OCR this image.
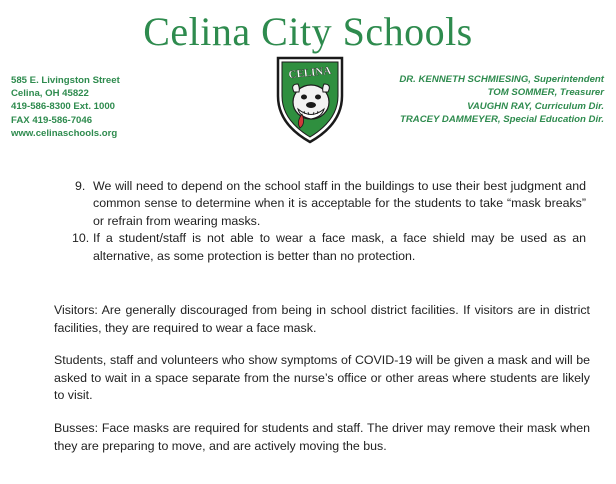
Celina City Schools
585 E. Livingston Street
Celina, OH 45822
419-586-8300 Ext. 1000
FAX 419-586-7046
www.celinaschools.org
CELINA	DR. KENNETH SCHMIESING, Superintendent
TOM SOMMER, Treasurer
VAUGHN RAY, Curriculum Dir.
TRACEY DAMMEYER, Special Education Dir.
9. We will need to depend on the school staff in the buildings to use their best judgment and common sense to determine when it is acceptable for the students to take “mask breaks” or refrain from wearing masks.
10. If a student/staff is not able to wear a face mask, a face shield may be used as an alternative, as some protection is better than no protection.
Visitors: Are generally discouraged from being in school district facilities. If visitors are in district facilities, they are required to wear a face mask.
Students, staff and volunteers who show symptoms of COVID-19 will be given a mask and will be asked to wait in a space separate from the nurse’s office or other areas where students are likely to visit.
Busses: Face masks are required for students and staff. The driver may remove their mask when they are preparing to move, and are actively moving the bus.
